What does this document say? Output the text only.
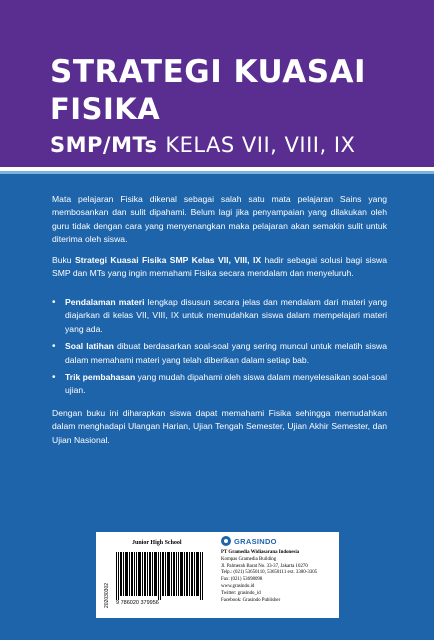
STRATEGI KUASAI
FISIKA
SMP/MTs KELAS VII, VIII, IX

Mata pelajaran Fisika dikenal sebagai salah satu mata pelajaran Sains yang membosankan dan sulit dipahami. Belum lagi jika penyampaian yang dilakukan oleh guru tidak dengan cara yang menyenangkan maka pelajaran akan semakin sulit untuk diterima oleh siswa.

Buku Strategi Kuasai Fisika SMP Kelas VII, VIII, IX hadir sebagai solusi bagi siswa SMP dan MTs yang ingin memahami Fisika secara mendalam dan menyeluruh.

• Pendalaman materi lengkap disusun secara jelas dan mendalam dari materi yang diajarkan di kelas VII, VIII, IX untuk memudahkan siswa dalam mempelajari materi yang ada.
• Soal latihan dibuat berdasarkan soal-soal yang sering muncul untuk melatih siswa dalam memahami materi yang telah diberikan dalam setiap bab.
• Trik pembahasan yang mudah dipahami oleh siswa dalam menyelesaikan soal-soal ujian.

Dengan buku ini diharapkan siswa dapat memahami Fisika sehingga memudahkan dalam menghadapi Ulangan Harian, Ujian Tengah Semester, Ujian Akhir Semester, dan Ujian Nasional.

Junior High School
202030302	9 786020 379956
GRASINDO
PT Gramedia Widiasarana Indonesia
Kompas Gramedia Building
Jl. Palmerah Barat No. 33-37, Jakarta 10270
Telp.: (021) 53650110, 53650111 ext. 3300-3305
Fax: (021) 53698098
www.grasindo.id
Twitter: grasindo_id
Facebook: Grasindo Publisher
